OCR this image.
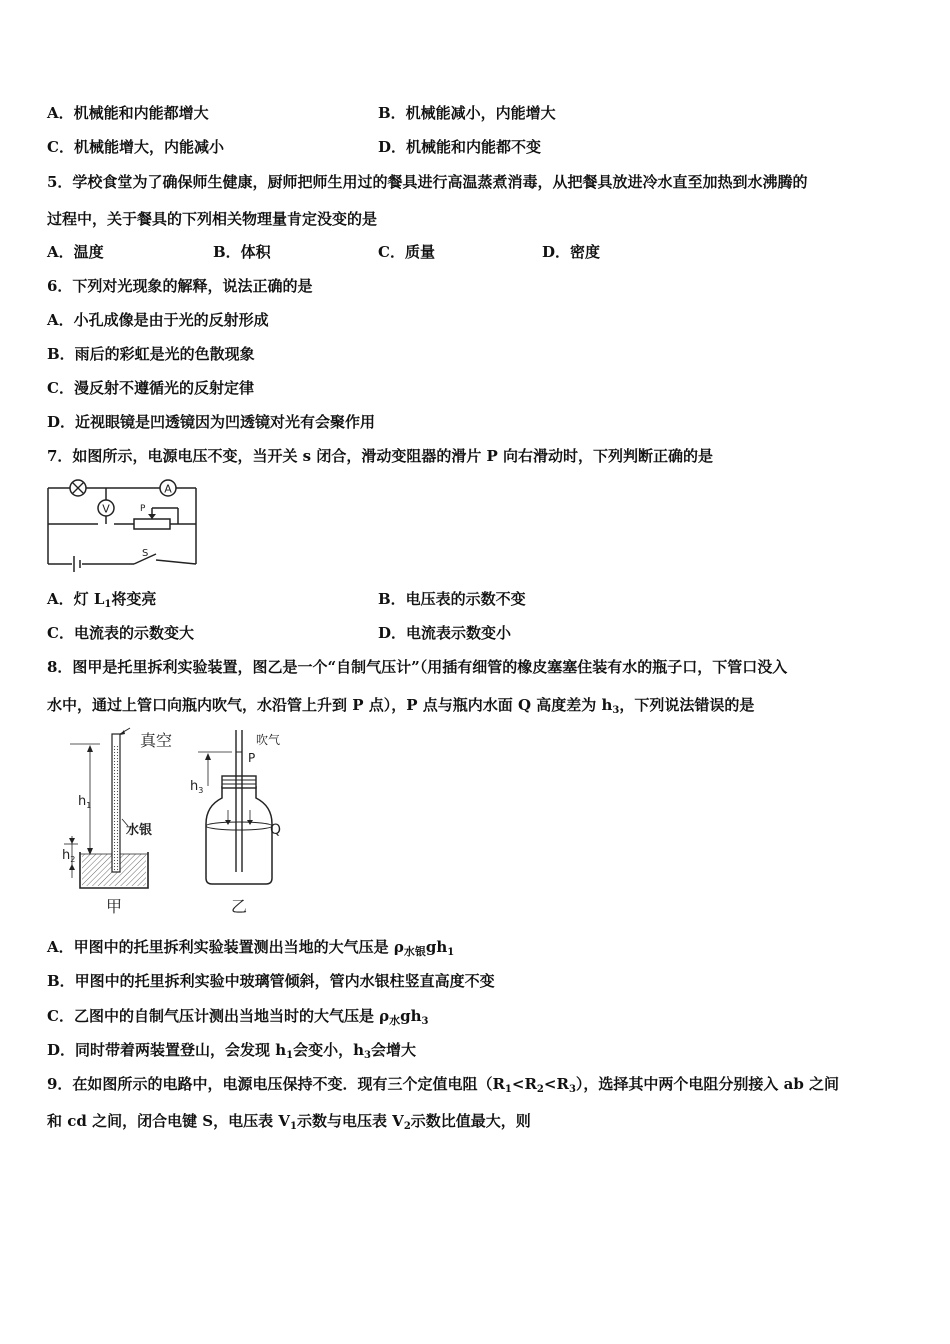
A．机械能和内能都增大	B．机械能减小，内能增大
C．机械能增大，内能减小	D．机械能和内能都不变
5．学校食堂为了确保师生健康，厨师把师生用过的餐具进行高温蒸煮消毒，从把餐具放进冷水直至加热到水沸腾的
过程中，关于餐具的下列相关物理量肯定没变的是
A．温度	B．体积	C．质量	D．密度
6．下列对光现象的解释，说法正确的是
A．小孔成像是由于光的反射形成
B．雨后的彩虹是光的色散现象
C．漫反射不遵循光的反射定律
D．近视眼镜是凹透镜因为凹透镜对光有会聚作用
7．如图所示，电源电压不变，当开关 s 闭合，滑动变阻器的滑片 P 向右滑动时，下列判断正确的是
V
A
P
S
A．灯 $L_1$将变亮	B．电压表的示数不变
C．电流表的示数变大	D．电流表示数变小
8．图甲是托里拆利实验装置，图乙是一个“自制气压计”（用插有细管的橡皮塞塞住装有水的瓶子口，下管口没入
水中，通过上管口向瓶内吹气，水沿管上升到 P 点），P 点与瓶内水面 Q 高度差为 $h_3$，下列说法错误的是
真空
$h_1$
$h_2$
水银
甲
吹气
P
$h_3$
Q
乙
A．甲图中的托里拆利实验装置测出当地的大气压是 $\rho_{水银}gh_1$
B．甲图中的托里拆利实验中玻璃管倾斜，管内水银柱竖直高度不变
C．乙图中的自制气压计测出当地当时的大气压是 $\rho_水gh_3$
D．同时带着两装置登山，会发现 $h_1$会变小，$h_3$会增大
9．在如图所示的电路中，电源电压保持不变．现有三个定值电阻$(R_1<R_2<R_3)$，选择其中两个电阻分别接入 ab 之间
和 cd 之间，闭合电键 S，电压表 $V_1$示数与电压表 $V_2$示数比值最大，则
